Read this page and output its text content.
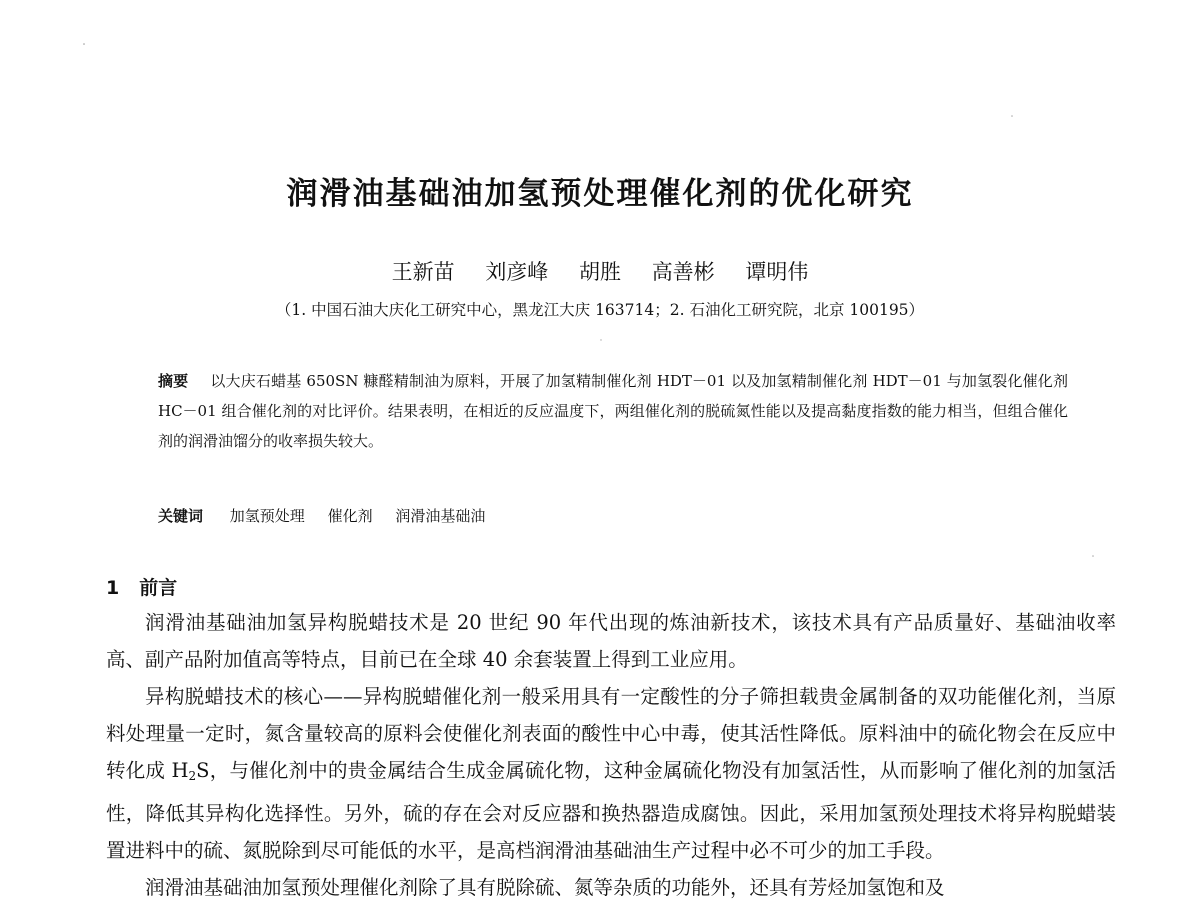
润滑油基础油加氢预处理催化剂的优化研究
王新苗 刘彦峰 胡胜 高善彬 谭明伟
（1. 中国石油大庆化工研究中心，黑龙江大庆 163714；2. 石油化工研究院，北京 100195）
摘要 以大庆石蜡基 650SN 糠醛精制油为原料，开展了加氢精制催化剂 HDT－01 以及加氢精制催化剂 HDT－01 与加氢裂化催化剂 HC－01 组合催化剂的对比评价。结果表明，在相近的反应温度下，两组催化剂的脱硫氮性能以及提高黏度指数的能力相当，但组合催化剂的润滑油馏分的收率损失较大。
关键词 加氢预处理 催化剂 润滑油基础油
1 前言

润滑油基础油加氢异构脱蜡技术是 20 世纪 90 年代出现的炼油新技术，该技术具有产品质量好、基础油收率高、副产品附加值高等特点，目前已在全球 40 余套装置上得到工业应用。

异构脱蜡技术的核心——异构脱蜡催化剂一般采用具有一定酸性的分子筛担载贵金属制备的双功能催化剂，当原料处理量一定时，氮含量较高的原料会使催化剂表面的酸性中心中毒，使其活性降低。原料油中的硫化物会在反应中转化成 $H_2S$，与催化剂中的贵金属结合生成金属硫化物，这种金属硫化物没有加氢活性，从而影响了催化剂的加氢活性，降低其异构化选择性。另外，硫的存在会对反应器和换热器造成腐蚀。因此，采用加氢预处理技术将异构脱蜡装置进料中的硫、氮脱除到尽可能低的水平，是高档润滑油基础油生产过程中必不可少的加工手段。

润滑油基础油加氢预处理催化剂除了具有脱除硫、氮等杂质的功能外，还具有芳烃加氢饱和及
